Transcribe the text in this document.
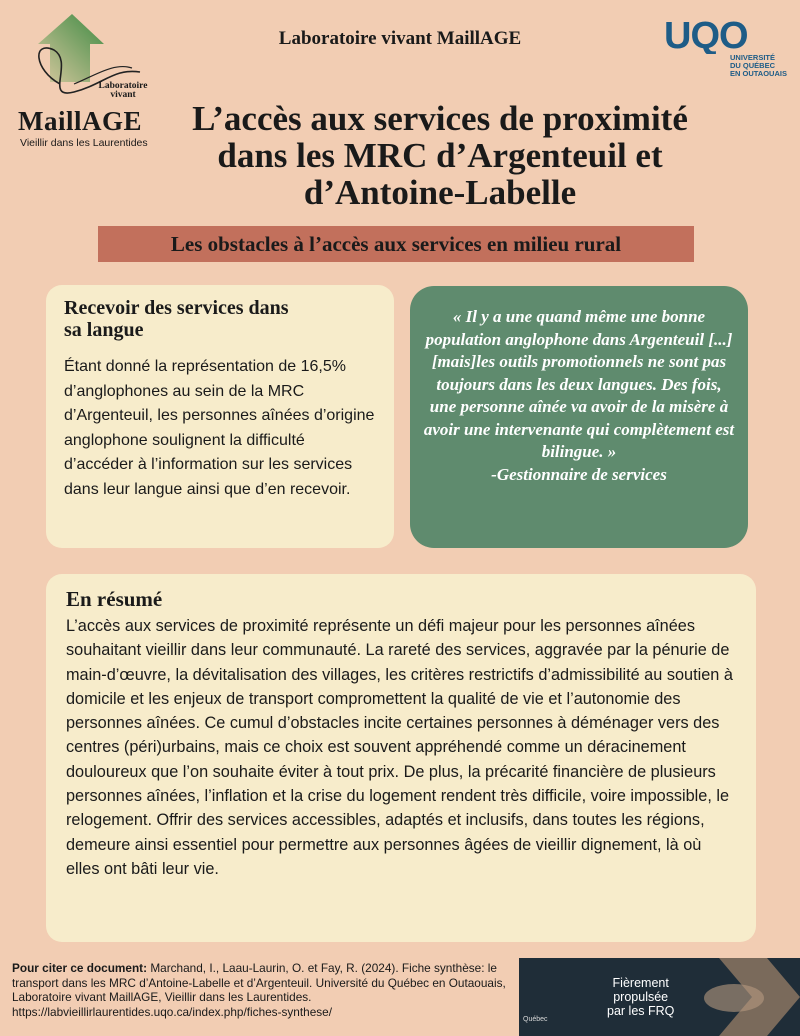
Laboratoire
vivant
MaillAGE
Vieillir dans les Laurentides
Laboratoire vivant MaillAGE	UQO
UNIVERSITÉ
DU QUÉBEC
EN OUTAOUAIS
L’accès aux services de proximité
dans les MRC d’Argenteuil et
d’Antoine-Labelle
Les obstacles à l’accès aux services en milieu rural
Recevoir des services dans sa langue

Étant donné la représentation de 16,5% d’anglophones au sein de la MRC d’Argenteuil, les personnes aînées d’origine anglophone soulignent la difficulté d’accéder à l’information sur les services dans leur langue ainsi que d’en recevoir.

« Il y a une quand même une bonne population anglophone dans Argenteuil [...] [mais]les outils promotionnels ne sont pas toujours dans les deux langues. Des fois, une personne aînée va avoir de la misère à avoir une intervenante qui complètement est bilingue. »
-Gestionnaire de services
En résumé

L’accès aux services de proximité représente un défi majeur pour les personnes aînées souhaitant vieillir dans leur communauté. La rareté des services, aggravée par la pénurie de main-d’œuvre, la dévitalisation des villages, les critères restrictifs d’admissibilité au soutien à domicile et les enjeux de transport compromettent la qualité de vie et l’autonomie des personnes aînées. Ce cumul d’obstacles incite certaines personnes à déménager vers des centres (péri)urbains, mais ce choix est souvent appréhendé comme un déracinement douloureux que l’on souhaite éviter à tout prix. De plus, la précarité financière de plusieurs personnes aînées, l’inflation et la crise du logement rendent très difficile, voire impossible, le relogement. Offrir des services accessibles, adaptés et inclusifs, dans toutes les régions, demeure ainsi essentiel pour permettre aux personnes âgées de vieillir dignement, là où elles ont bâti leur vie.

Pour citer ce document: Marchand, I., Laau-Laurin, O. et Fay, R. (2024). Fiche synthèse: le transport dans les MRC d’Antoine-Labelle et d’Argenteuil. Université du Québec en Outaouais, Laboratoire vivant MaillAGE, Vieillir dans les Laurentides. https://labvieillirlaurentides.uqo.ca/index.php/fiches-synthese/
Fièrement
propulsée
par les FRQ
Québec
